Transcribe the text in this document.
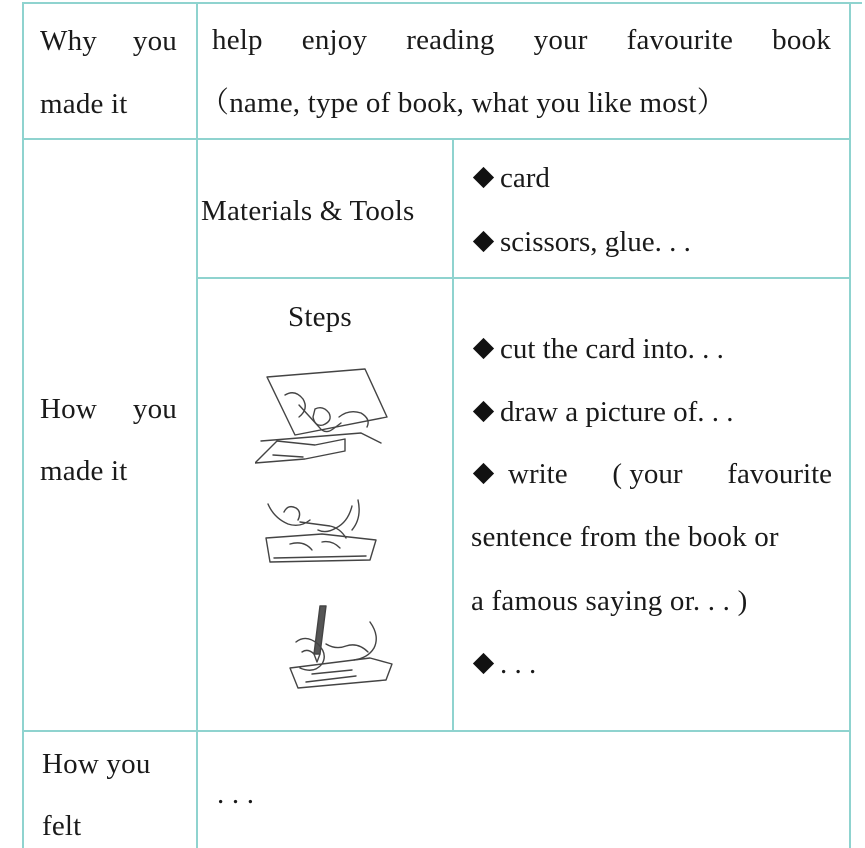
Why you
made it
help enjoy reading your favourite book
（name, type of book, what you like most）
How you
made it
Materials & Tools
card
scissors, glue. . .
Steps
cut the card into. . .
draw a picture of. . .
write ( your favourite
sentence from the book or
a famous saying or. . . )
. . .
How you
felt
. . .
